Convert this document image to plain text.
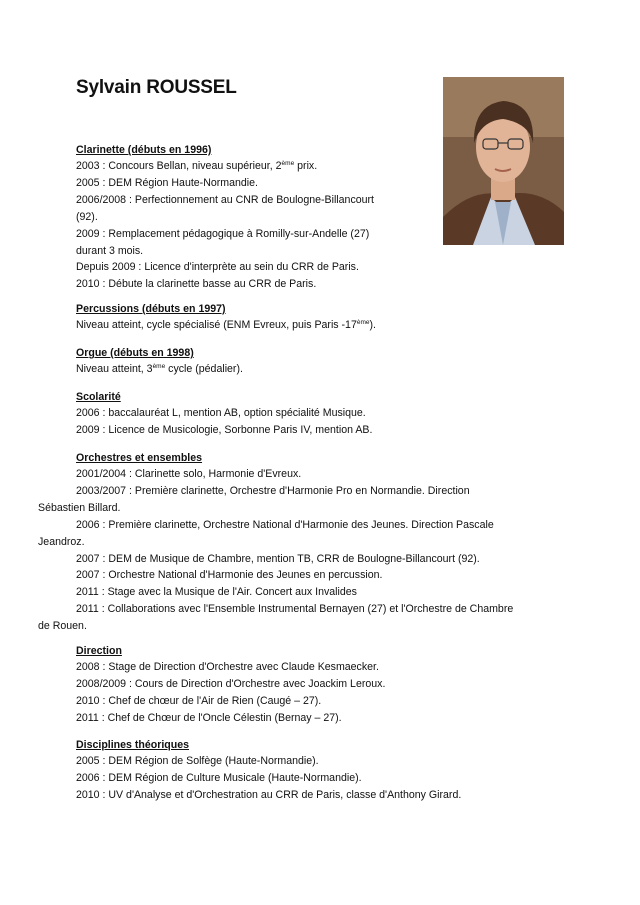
Sylvain ROUSSEL
Clarinette (débuts en 1996)
2003 : Concours Bellan, niveau supérieur, 2ème prix.
2005 : DEM Région Haute-Normandie.
2006/2008 : Perfectionnement au CNR de Boulogne-Billancourt
(92).
2009 : Remplacement pédagogique à Romilly-sur-Andelle (27)
durant 3 mois.
Depuis 2009 : Licence d'interprète au sein du CRR de Paris.
2010 : Débute la clarinette basse au CRR de Paris.
Percussions (débuts en 1997)
Niveau atteint, cycle spécialisé (ENM Evreux, puis Paris -17ème).
Orgue (débuts en 1998)
Niveau atteint, 3ème cycle (pédalier).
Scolarité
2006 : baccalauréat L, mention AB, option spécialité Musique.
2009 : Licence de Musicologie, Sorbonne Paris IV, mention AB.
Orchestres et ensembles
2001/2004 : Clarinette solo, Harmonie d'Evreux.
2003/2007 : Première clarinette, Orchestre d'Harmonie Pro en Normandie. Direction
Sébastien Billard.
2006 : Première clarinette, Orchestre National d'Harmonie des Jeunes. Direction Pascale
Jeandroz.
2007 : DEM de Musique de Chambre, mention TB, CRR de Boulogne-Billancourt (92).
2007 : Orchestre National d'Harmonie des Jeunes en percussion.
2011 : Stage avec la Musique de l'Air. Concert aux Invalides
2011 : Collaborations avec l'Ensemble Instrumental Bernayen (27) et l'Orchestre de Chambre
de Rouen.
Direction
2008 : Stage de Direction d'Orchestre avec Claude Kesmaecker.
2008/2009 : Cours de Direction d'Orchestre avec Joackim Leroux.
2010 : Chef de chœur de l'Air de Rien (Caugé – 27).
2011 : Chef de Chœur de l'Oncle Célestin (Bernay – 27).
Disciplines théoriques
2005 : DEM Région de Solfège (Haute-Normandie).
2006 : DEM Région de Culture Musicale (Haute-Normandie).
2010 : UV d'Analyse et d'Orchestration au CRR de Paris, classe d'Anthony Girard.
